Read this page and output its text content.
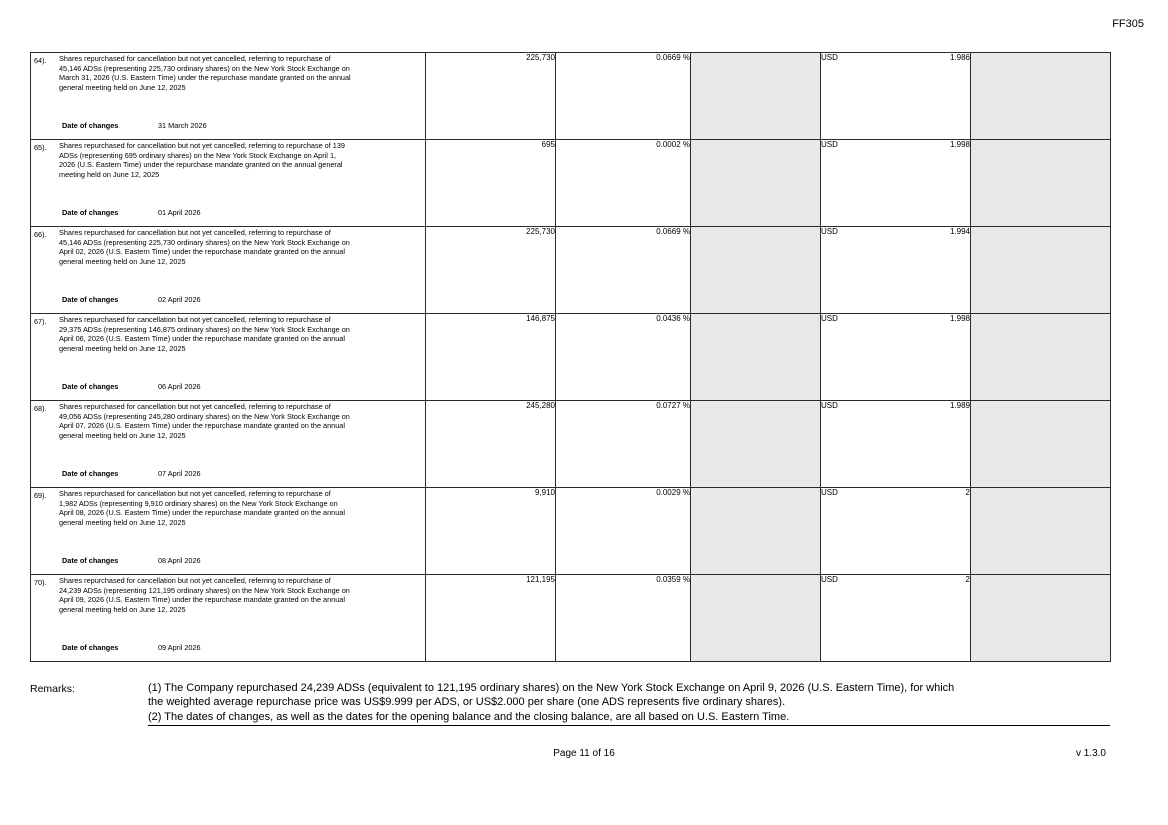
FF305
64). Shares repurchased for cancellation but not yet cancelled, referring to repurchase of 45,146 ADSs (representing 225,730 ordinary shares) on the New York Stock Exchange on March 31, 2026 (U.S. Eastern Time) under the repurchase mandate granted on the annual general meeting held on June 12, 2025
Date of changes	31 March 2026
	225,730	0.0669 %		USD	1.986

65). Shares repurchased for cancellation but not yet cancelled, referring to repurchase of 139 ADSs (representing 695 ordinary shares) on the New York Stock Exchange on April 1, 2026 (U.S. Eastern Time) under the repurchase mandate granted on the annual general meeting held on June 12, 2025
Date of changes	01 April 2026
	695	0.0002 %		USD	1.998

66). Shares repurchased for cancellation but not yet cancelled, referring to repurchase of 45,146 ADSs (representing 225,730 ordinary shares) on the New York Stock Exchange on April 02, 2026 (U.S. Eastern Time) under the repurchase mandate granted on the annual general meeting held on June 12, 2025
Date of changes	02 April 2026
	225,730	0.0669 %		USD	1.994

67). Shares repurchased for cancellation but not yet cancelled, referring to repurchase of 29,375 ADSs (representing 146,875 ordinary shares) on the New York Stock Exchange on April 06, 2026 (U.S. Eastern Time) under the repurchase mandate granted on the annual general meeting held on June 12, 2025
Date of changes	06 April 2026
	146,875	0.0436 %		USD	1.998

68). Shares repurchased for cancellation but not yet cancelled, referring to repurchase of 49,056 ADSs (representing 245,280 ordinary shares) on the New York Stock Exchange on April 07, 2026 (U.S. Eastern Time) under the repurchase mandate granted on the annual general meeting held on June 12, 2025
Date of changes	07 April 2026
	245,280	0.0727 %		USD	1.989

69). Shares repurchased for cancellation but not yet cancelled, referring to repurchase of 1,982 ADSs (representing 9,910 ordinary shares) on the New York Stock Exchange on April 08, 2026 (U.S. Eastern Time) under the repurchase mandate granted on the annual general meeting held on June 12, 2025
Date of changes	08 April 2026
	9,910	0.0029 %		USD	2

70). Shares repurchased for cancellation but not yet cancelled, referring to repurchase of 24,239 ADSs (representing 121,195 ordinary shares) on the New York Stock Exchange on April 09, 2026 (U.S. Eastern Time) under the repurchase mandate granted on the annual general meeting held on June 12, 2025
Date of changes	09 April 2026
	121,195	0.0359 %		USD	2

Remarks:	(1) The Company repurchased 24,239 ADSs (equivalent to 121,195 ordinary shares) on the New York Stock Exchange on April 9, 2026 (U.S. Eastern Time), for which
the weighted average repurchase price was US$9.999 per ADS, or US$2.000 per share (one ADS represents five ordinary shares).
(2) The dates of changes, as well as the dates for the opening balance and the closing balance, are all based on U.S. Eastern Time.
Page 11 of 16	v 1.3.0
